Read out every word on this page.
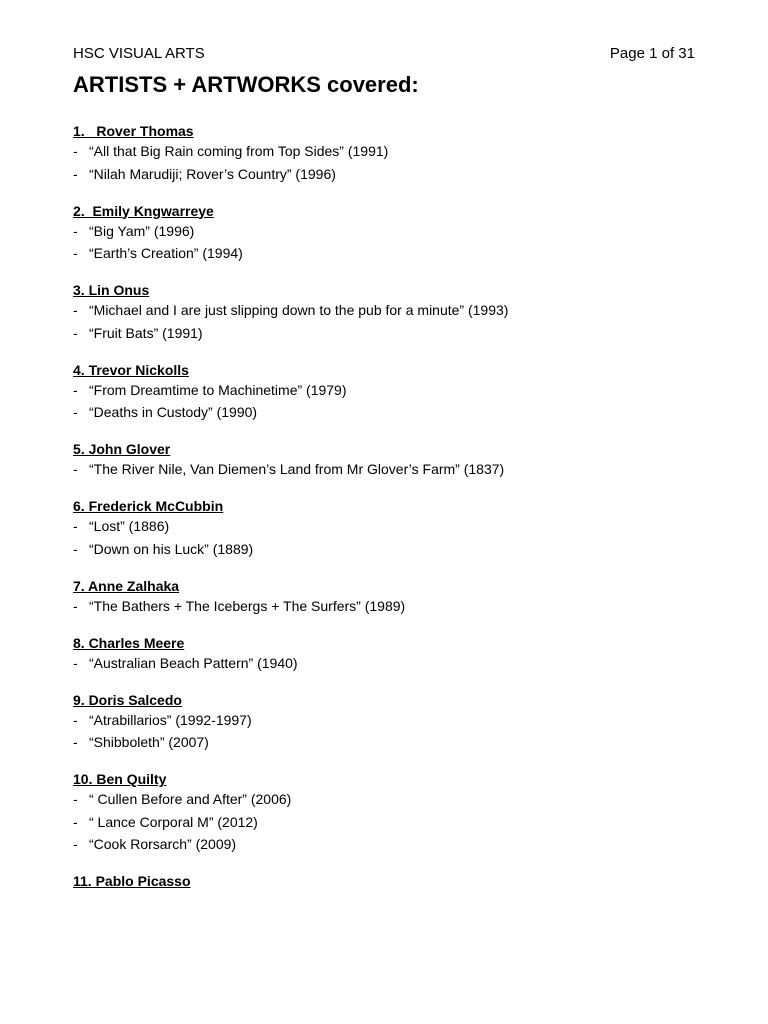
HSC VISUAL ARTS	Page 1 of 31
ARTISTS + ARTWORKS covered:
1.   Rover Thomas
- “All that Big Rain coming from Top Sides” (1991)
- “Nilah Marudiji; Rover’s Country” (1996)
2.  Emily Kngwarreye
- “Big Yam” (1996)
- “Earth’s Creation” (1994)
3. Lin Onus
- “Michael and I are just slipping down to the pub for a minute” (1993)
- “Fruit Bats” (1991)
4. Trevor Nickolls
- “From Dreamtime to Machinetime” (1979)
- “Deaths in Custody” (1990)
5. John Glover
- “The River Nile, Van Diemen’s Land from Mr Glover’s Farm” (1837)
6. Frederick McCubbin
- “Lost” (1886)
- “Down on his Luck” (1889)
7. Anne Zalhaka
- “The Bathers + The Icebergs + The Surfers” (1989)
8. Charles Meere
- “Australian Beach Pattern” (1940)
9. Doris Salcedo
- “Atrabillarios” (1992-1997)
- “Shibboleth” (2007)
10. Ben Quilty
- “ Cullen Before and After” (2006)
- “ Lance Corporal M” (2012)
- “Cook Rorsarch” (2009)
11. Pablo Picasso
